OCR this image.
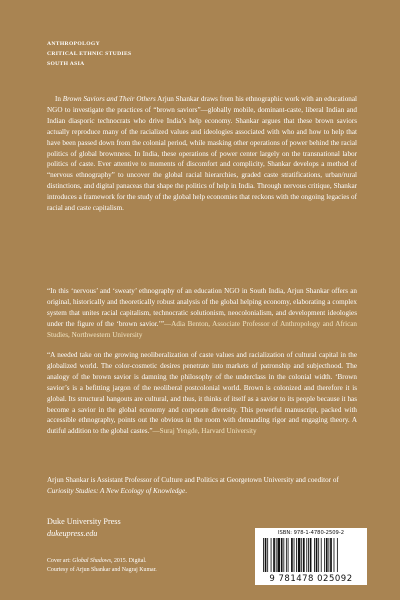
ANTHROPOLOGY
CRITICAL ETHNIC STUDIES
SOUTH ASIA

In Brown Saviors and Their Others Arjun Shankar draws from his ethnographic work with an educational NGO to investigate the practices of “brown saviors”—globally mobile, dominant-caste, liberal Indian and Indian diasporic technocrats who drive India’s help economy. Shankar argues that these brown saviors actually reproduce many of the racialized values and ideologies associated with who and how to help that have been passed down from the colonial period, while masking other operations of power behind the racial politics of global brownness. In India, these operations of power center largely on the transnational labor politics of caste. Ever attentive to moments of discomfort and complicity, Shankar develops a method of “nervous ethnography” to uncover the global racial hierarchies, graded caste stratifications, urban/rural distinctions, and digital panaceas that shape the politics of help in India. Through nervous critique, Shankar introduces a framework for the study of the global help economies that reckons with the ongoing legacies of racial and caste capitalism.

“In this ‘nervous’ and ‘sweaty’ ethnography of an education NGO in South India, Arjun Shankar offers an original, historically and theoretically robust analysis of the global helping economy, elaborating a complex system that unites racial capitalism, technocratic solutionism, neocolonialism, and development ideologies under the figure of the ‘brown savior.’”—Adia Benton, Associate Professor of Anthropology and African Studies, Northwestern University
“A needed take on the growing neoliberalization of caste values and racialization of cultural capital in the globalized world. The color-cosmetic desires penetrate into markets of patronship and subjecthood. The analogy of the brown savior is damning the philosophy of the underclass in the colonial width. ‘Brown savior’s is a befitting jargon of the neoliberal postcolonial world. Brown is colonized and therefore it is global. Its structural hangouts are cultural, and thus, it thinks of itself as a savior to its people because it has become a savior in the global economy and corporate diversity. This powerful manuscript, packed with accessible ethnography, points out the obvious in the room with demanding rigor and engaging theory. A dutiful addition to the global castes.”—Suraj Yengde, Harvard University
Arjun Shankar is Assistant Professor of Culture and Politics at Georgetown University and coeditor of Curiosity Studies: A New Ecology of Knowledge.
Duke University Press
dukeupress.edu
Cover art: Global Shadows, 2015. Digital.
Courtesy of Arjun Shankar and Nagraj Kumar.
ISBN: 978-1-4780-2509-2
9 781478 025092
